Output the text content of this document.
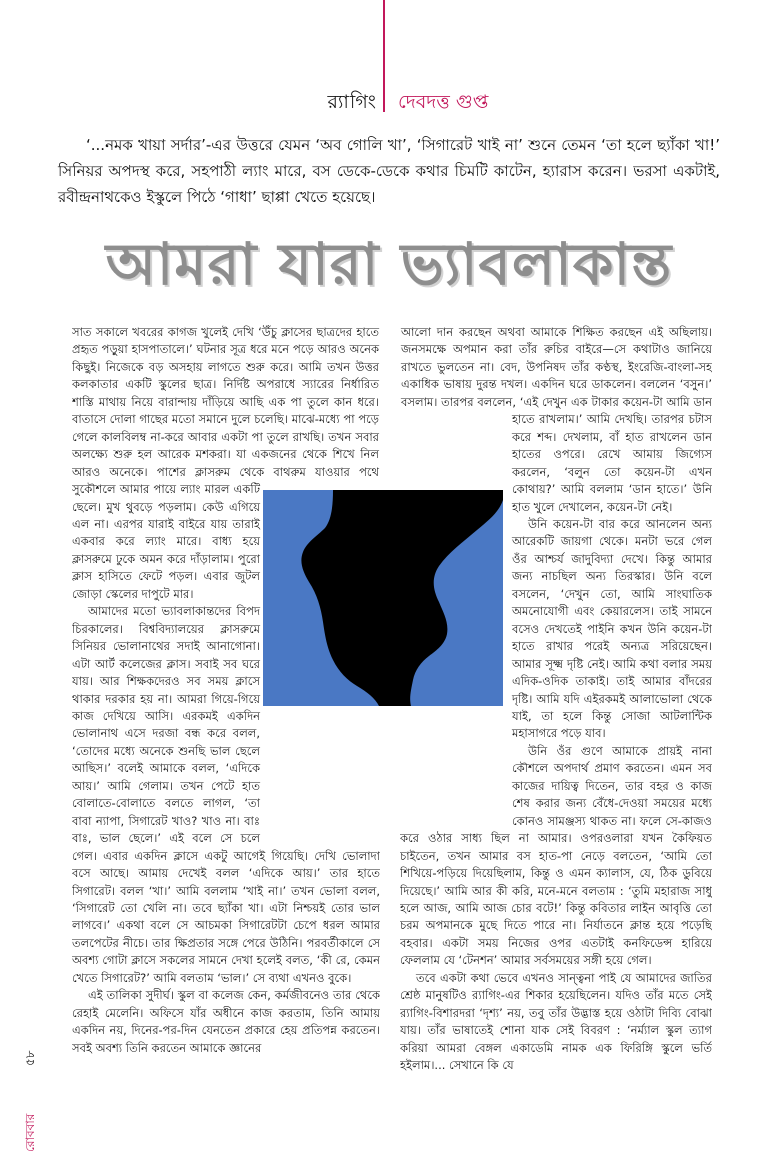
র‍্যাগিং দেবদত্ত গুপ্ত

‘...নমক খায়া সর্দার’-এর উত্তরে যেমন ‘অব গোলি খা’, ‘সিগারেট খাই না’ শুনে তেমন ‘তা হলে ছ্যাঁকা খা!’ সিনিয়র অপদস্থ করে, সহপাঠী ল্যাং মারে, বস ডেকে-ডেকে কথার চিমটি কাটেন, হ্যারাস করেন। ভরসা একটাই, রবীন্দ্রনাথকেও ইস্কুলে পিঠে ‘গাধা’ ছাপ্পা খেতে হয়েছে।

আমরা যারা ভ্যাবলাকান্ত

সাত সকালে খবরের কাগজ খুলেই দেখি ‘উঁচু ক্লাসের ছাত্রদের হাতে প্রহৃত পড়ুয়া হাসপাতালে।’ ঘটনার সূত্র ধরে মনে পড়ে আরও অনেক কিছুই। নিজেকে বড় অসহায় লাগতে শুরু করে। আমি তখন উত্তর কলকাতার একটি স্কুলের ছাত্র। নির্দিষ্ট অপরাধে স্যারের নির্ধারিত শাস্তি মাথায় নিয়ে বারান্দায় দাঁড়িয়ে আছি এক পা তুলে কান ধরে। বাতাসে দোলা গাছের মতো সমানে দুলে চলেছি। মাঝে-মধ্যে পা পড়ে গেলে কালবিলম্ব না-করে আবার একটা পা তুলে রাখছি। তখন সবার অলক্ষ্যে শুরু হল আরেক মশকরা। যা একজনের থেকে শিখে নিল আরও অনেকে। পাশের ক্লাসরুম থেকে বাথরুম যাওয়ার পথে সুকৌশলে আমার পায়ে ল্যাং মারল একটি ছেলে। মুখ থুবড়ে পড়লাম। কেউ এগিয়ে এল না। এরপর যারাই বাইরে যায় তারাই একবার করে ল্যাং মারে। বাধ্য হয়ে ক্লাসরুমে ঢুকে অমন করে দাঁড়ালাম। পুরো ক্লাস হাসিতে ফেটে পড়ল। এবার জুটল জোড়া স্কেলের দাপুটে মার।

আমাদের মতো ভ্যাবলাকান্তদের বিপদ চিরকালের। বিশ্ববিদ্যালয়ের ক্লাসরুমে সিনিয়র ভোলানাথের সদাই আনাগোনা। এটা আর্ট কলেজের ক্লাস। সবাই সব ঘরে যায়। আর শিক্ষকদেরও সব সময় ক্লাসে থাকার দরকার হয় না। আমরা গিয়ে-গিয়ে কাজ দেখিয়ে আসি। এরকমই একদিন ভোলানাথ এসে দরজা বন্ধ করে বলল, ‘তোদের মধ্যে অনেকে শুনছি ভাল ছেলে আছিস।’ বলেই আমাকে বলল, ‘এদিকে আয়।’ আমি গেলাম। তখন পেটে হাত বোলাতে-বোলাতে বলতে লাগল, ‘তা বাবা ন্যাপা, সিগারেট খাও? খাও না। বাঃ বাঃ, ভাল ছেলে।’ এই বলে সে চলে গেল। এবার একদিন ক্লাসে একটু আগেই গিয়েছি। দেখি ভোলাদা বসে আছে। আমায় দেখেই বলল ‘এদিকে আয়।’ তার হাতে সিগারেট। বলল ‘খা।’ আমি বললাম ‘খাই না।’ তখন ভোলা বলল, ‘সিগারেট তো খেলি না। তবে ছ্যাঁকা খা। এটা নিশ্চয়ই তোর ভাল লাগবে।’ একথা বলে সে আচমকা সিগারেটটা চেপে ধরল আমার তলপেটের নীচে। তার ক্ষিপ্রতার সঙ্গে পেরে উঠিনি। পরবর্তীকালে সে অবশ্য গোটা ক্লাসে সকলের সামনে দেখা হলেই বলত, ‘কী রে, কেমন খেতে সিগারেট?’ আমি বলতাম ‘ভাল।’ সে ব্যথা এখনও বুকে।

এই তালিকা সুদীর্ঘ। স্কুল বা কলেজ কেন, কর্মজীবনেও তার থেকে রেহাই মেলেনি। অফিসে যাঁর অধীনে কাজ করতাম, তিনি আমায় একদিন নয়, দিনের-পর-দিন যেনতেন প্রকারে হেয় প্রতিপন্ন করতেন। সবই অবশ্য তিনি করতেন আমাকে জ্ঞানের

আলো দান করছেন অথবা আমাকে শিক্ষিত করছেন এই অছিলায়। জনসমক্ষে অপমান করা তাঁর রুচির বাইরে—সে কথাটাও জানিয়ে রাখতে ভুলতেন না। বেদ, উপনিষদ তাঁর কণ্ঠস্থ, ইংরেজি-বাংলা-সহ একাধিক ভাষায় দুরন্ত দখল। একদিন ঘরে ডাকলেন। বললেন ‘বসুন।’ বসলাম। তারপর বললেন, ‘এই দেখুন এক টাকার কয়েন-টা আমি ডান হাতে রাখলাম।’ আমি দেখছি। তারপর চটাস করে শব্দ। দেখলাম, বাঁ হাত রাখলেন ডান হাতের ওপরে। রেখে আমায় জিগ্যেস করলেন, ‘বলুন তো কয়েন-টা এখন কোথায়?’ আমি বললাম ‘ডান হাতে।’ উনি হাত খুলে দেখালেন, কয়েন-টা নেই।

উনি কয়েন-টা বার করে আনলেন অন্য আরেকটি জায়গা থেকে। মনটা ভরে গেল ওঁর আশ্চর্য জাদুবিদ্যা দেখে। কিন্তু আমার জন্য নাচছিল অন্য তিরস্কার। উনি বলে বসলেন, ‘দেখুন তো, আমি সাংঘাতিক অমনোযোগী এবং কেয়ারলেস। তাই সামনে বসেও দেখতেই পাইনি কখন উনি কয়েন-টা হাতে রাখার পরেই অন্যত্র সরিয়েছেন। আমার সূক্ষ্ম দৃষ্টি নেই। আমি কথা বলার সময় এদিক-ওদিক তাকাই। তাই আমার বাঁদরের দৃষ্টি। আমি যদি এইরকমই আলাভোলা থেকে যাই, তা হলে কিন্তু সোজা আটলান্টিক মহাসাগরে পড়ে যাব।

উনি ওঁর গুণে আমাকে প্রায়ই নানা কৌশলে অপদার্থ প্রমাণ করতেন। এমন সব কাজের দায়িত্ব দিতেন, তার বহর ও কাজ শেষ করার জন্য বেঁধে-দেওয়া সময়ের মধ্যে কোনও সামঞ্জস্য থাকত না। ফলে সে-কাজও করে ওঠার সাধ্য ছিল না আমার। ওপরওলারা যখন কৈফিয়ত চাইতেন, তখন আমার বস হাত-পা নেড়ে বলতেন, ‘আমি তো শিখিয়ে-পড়িয়ে দিয়েছিলাম, কিন্তু ও এমন ক্যালাস, যে, ঠিক ডুবিয়ে দিয়েছে।’ আমি আর কী করি, মনে-মনে বলতাম : ‘তুমি মহারাজ সাধু হলে আজ, আমি আজ চোর বটে!’ কিন্তু কবিতার লাইন আবৃত্তি তো চরম অপমানকে মুছে দিতে পারে না। নির্যাতনে ক্লান্ত হয়ে পড়েছি বহবার। একটা সময় নিজের ওপর এতটাই কনফিডেন্স হারিয়ে ফেললাম যে ‘টেনশন’ আমার সর্বসময়ের সঙ্গী হয়ে গেল।

তবে একটা কথা ভেবে এখনও সান্ত্বনা পাই যে আমাদের জাতির শ্রেষ্ঠ মানুষটিও র‍্যাগিং-এর শিকার হয়েছিলেন। যদিও তাঁর মতে সেই র‍্যাগিং-বিশারদরা ‘দৃশ্য’ নয়, তবু তাঁর উদ্ভাস্ত হয়ে ওঠাটা দিব্যি বোঝা যায়। তাঁর ভাষাতেই শোনা যাক সেই বিবরণ : ‘নর্ম্যাল স্কুল ত্যাগ করিয়া আমরা বেঙ্গল একাডেমি নামক এক ফিরিঙ্গি স্কুলে ভর্তি হইলাম।... সেখানে কি যে

৫৮
রোববার
